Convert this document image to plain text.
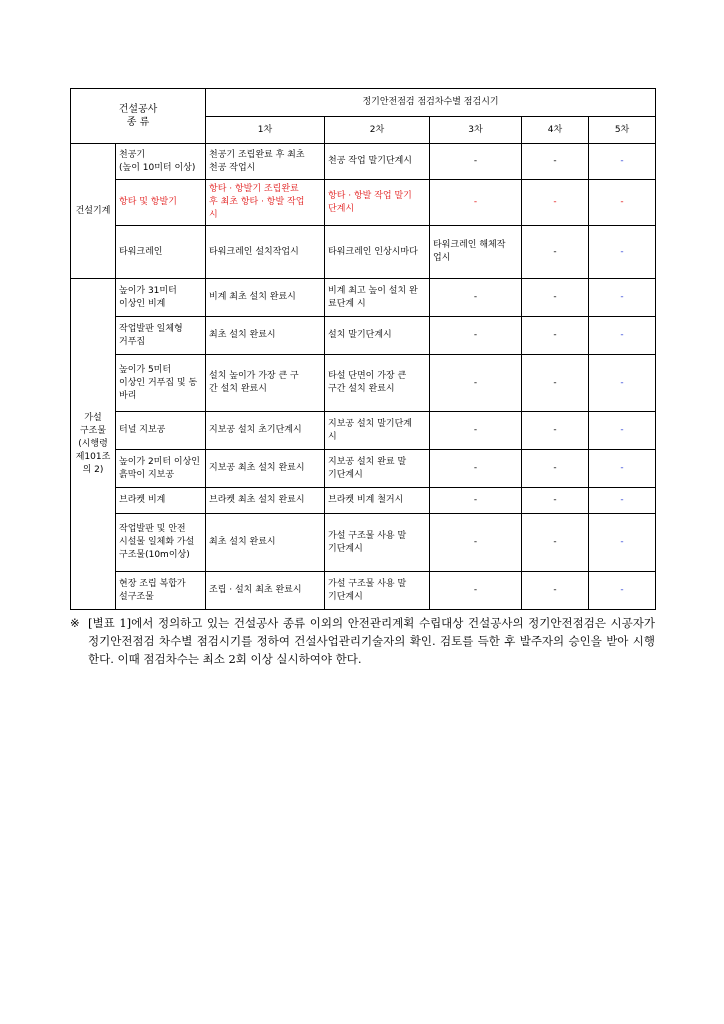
건설공사
종 류		정기안전점검 점검차수별 점검시기				
		1차	2차	3차	4차	5차
건설기계	천공기
(높이 10미터 이상)	천공기 조립완료 후 최초
천공 작업시	천공 작업 말기단계시	-	-	-
	항타 및 항발기	항타 · 항발기 조립완료
후 최초 항타 · 항발 작업
시	항타 · 항발 작업 말기
단계시	-	-	-
	타워크레인	타워크레인 설치작업시	타워크레인 인상시마다	타워크레인 해체작
업시	-	-
가설
구조물
(시행령
제101조
의 2)	높이가 31미터
이상인 비계	비계 최초 설치 완료시	비계 최고 높이 설치 완
료단계 시	-	-	-
	작업발판 일체형
거푸집	최초 설치 완료시	설치 말기단계시	-	-	-
	높이가 5미터
이상인 거푸집 및 동
바리	설치 높이가 가장 큰 구
간 설치 완료시	타설 단면이 가장 큰
구간 설치 완료시	-	-	-
	터널 지보공	지보공 설치 초기단계시	지보공 설치 말기단계
시	-	-	-
	높이가 2미터 이상인
흙막이 지보공	지보공 최초 설치 완료시	지보공 설치 완료 말
기단계시	-	-	-
	브라켓 비계	브라켓 최초 설치 완료시	브라켓 비계 철거시	-	-	-
	작업발판 및 안전
시설물 일체화 가설
구조물(10m이상)	최초 설치 완료시	가설 구조물 사용 말
기단계시	-	-	-
	현장 조립 복합가
설구조물	조립 · 설치 최초 완료시	가설 구조물 사용 말
기단계시	-	-	-
※ [별표 1]에서 정의하고 있는 건설공사 종류 이외의 안전관리계획 수립대상 건설공사의 정기안전점검은 시공자가 정기안전점검 차수별 점검시기를 정하여 건설사업관리기술자의 확인. 검토를 득한 후 발주자의 승인을 받아 시행한다. 이때 점검차수는 최소 2회 이상 실시하여야 한다.
